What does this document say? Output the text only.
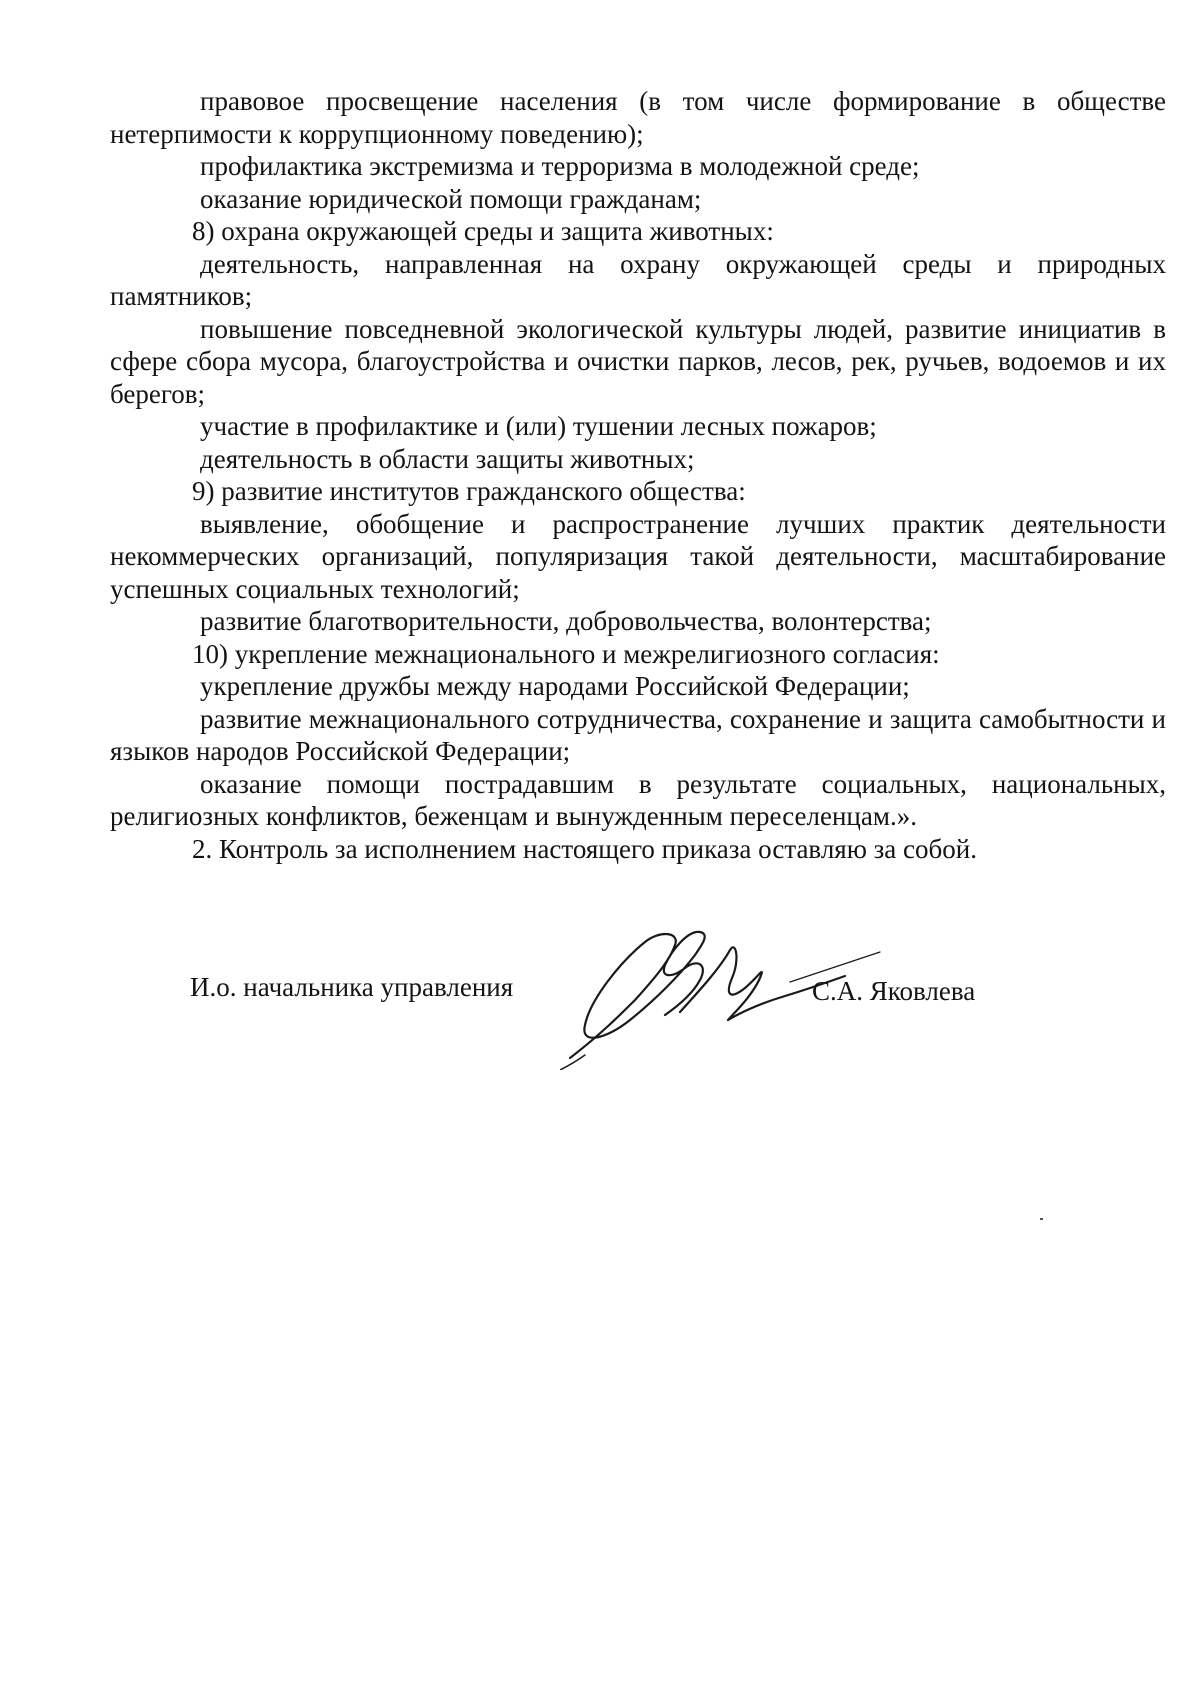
правовое просвещение населения (в том числе формирование в обществе нетерпимости к коррупционному поведению);

профилактика экстремизма и терроризма в молодежной среде;

оказание юридической помощи гражданам;

8) охрана окружающей среды и защита животных:

деятельность, направленная на охрану окружающей среды и природных памятников;

повышение повседневной экологической культуры людей, развитие инициатив в сфере сбора мусора, благоустройства и очистки парков, лесов, рек, ручьев, водоемов и их берегов;

участие в профилактике и (или) тушении лесных пожаров;

деятельность в области защиты животных;

9) развитие институтов гражданского общества:

выявление, обобщение и распространение лучших практик деятельности некоммерческих организаций, популяризация такой деятельности, масштабирование успешных социальных технологий;

развитие благотворительности, добровольчества, волонтерства;

10) укрепление межнационального и межрелигиозного согласия:

укрепление дружбы между народами Российской Федерации;

развитие межнационального сотрудничества, сохранение и защита самобытности и языков народов Российской Федерации;

оказание помощи пострадавшим в результате социальных, национальных, религиозных конфликтов, беженцам и вынужденным переселенцам.».

2. Контроль за исполнением настоящего приказа оставляю за собой.

И.о. начальника управления	С.А. Яковлева
